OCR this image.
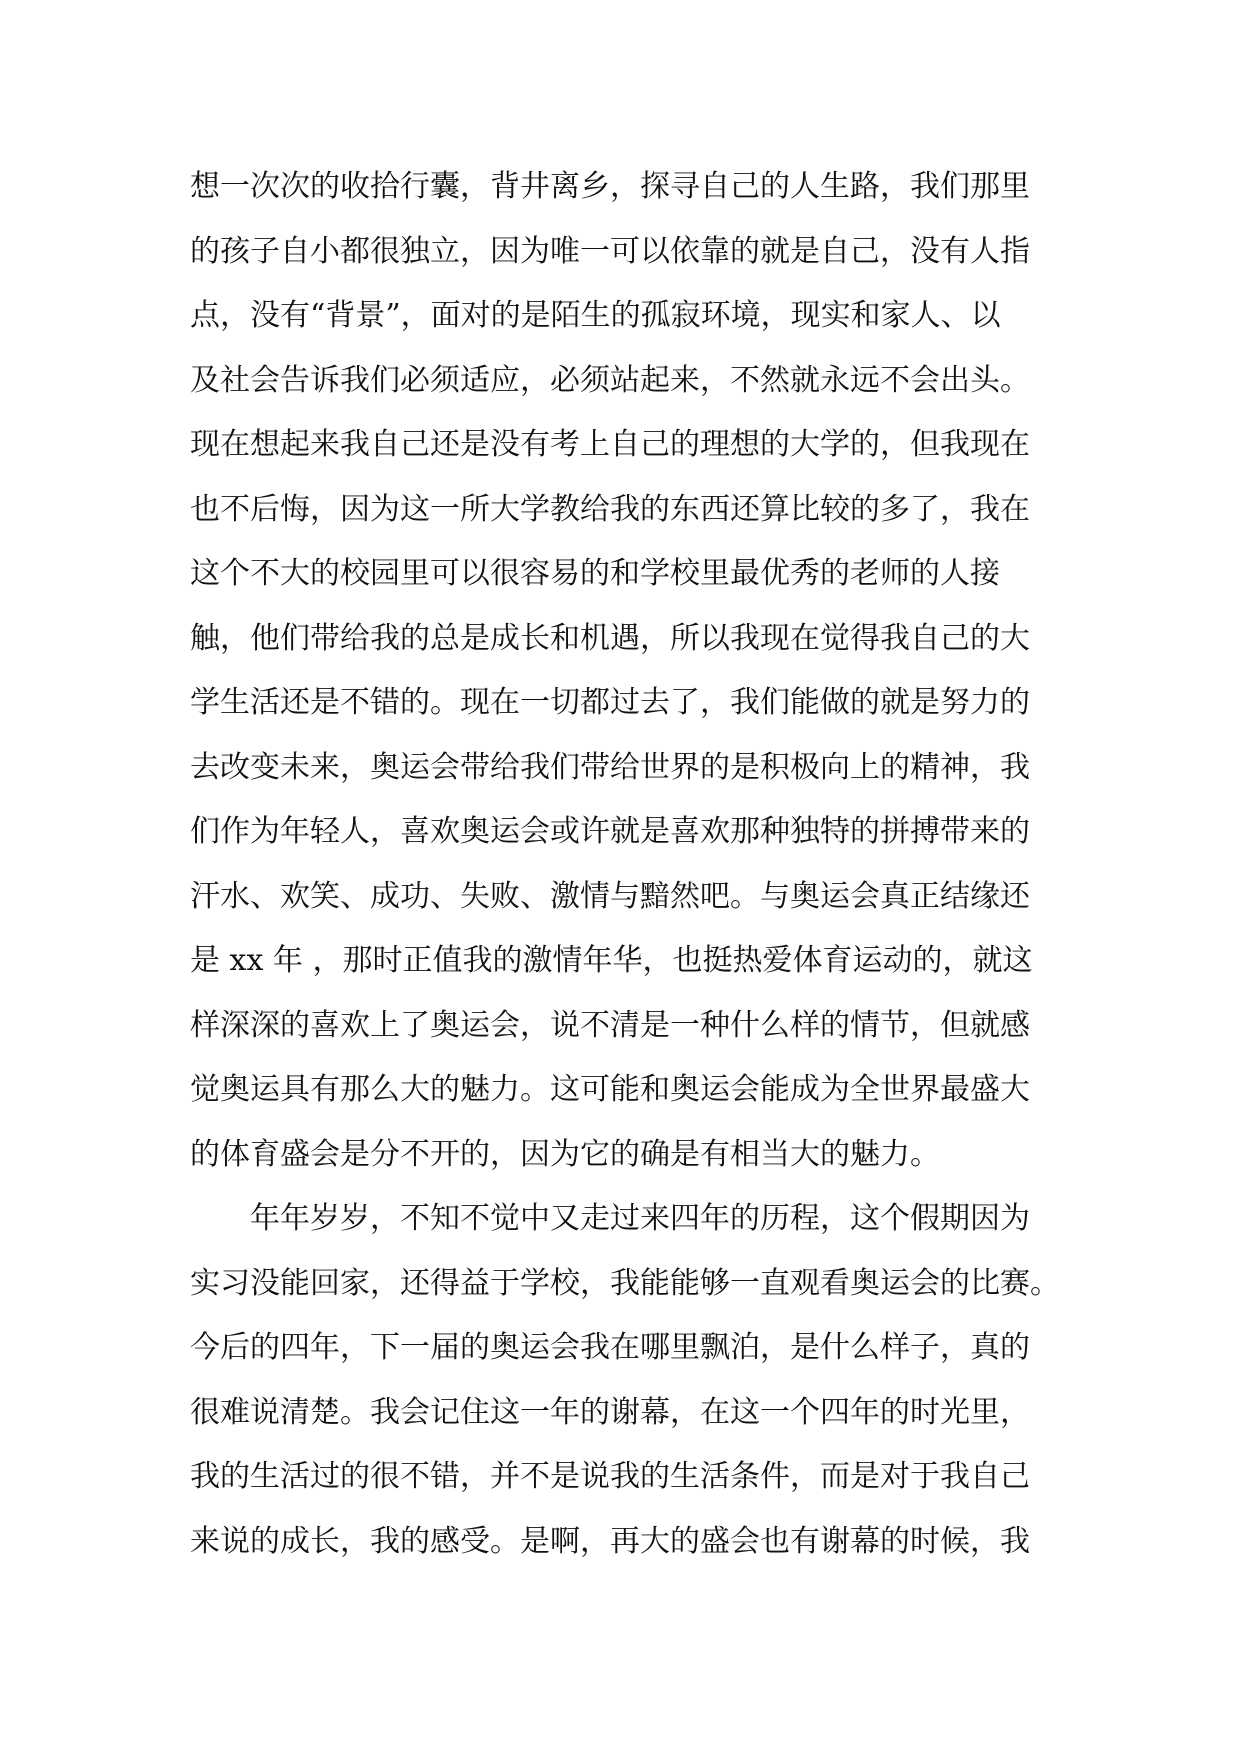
想一次次的收拾行囊，背井离乡，探寻自己的人生路，我们那里
的孩子自小都很独立，因为唯一可以依靠的就是自己，没有人指
点，没有“背景”，面对的是陌生的孤寂环境，现实和家人、以
及社会告诉我们必须适应，必须站起来，不然就永远不会出头。
现在想起来我自己还是没有考上自己的理想的大学的，但我现在
也不后悔，因为这一所大学教给我的东西还算比较的多了，我在
这个不大的校园里可以很容易的和学校里最优秀的老师的人接
触，他们带给我的总是成长和机遇，所以我现在觉得我自己的大
学生活还是不错的。现在一切都过去了，我们能做的就是努力的
去改变未来，奥运会带给我们带给世界的是积极向上的精神，我
们作为年轻人，喜欢奥运会或许就是喜欢那种独特的拼搏带来的
汗水、欢笑、成功、失败、激情与黯然吧。与奥运会真正结缘还
是 xx 年 ，那时正值我的激情年华，也挺热爱体育运动的，就这
样深深的喜欢上了奥运会，说不清是一种什么样的情节，但就感
觉奥运具有那么大的魅力。这可能和奥运会能成为全世界最盛大
的体育盛会是分不开的，因为它的确是有相当大的魅力。
年年岁岁，不知不觉中又走过来四年的历程，这个假期因为
实习没能回家，还得益于学校，我能能够一直观看奥运会的比赛。
今后的四年，下一届的奥运会我在哪里飘泊，是什么样子，真的
很难说清楚。我会记住这一年的谢幕，在这一个四年的时光里，
我的生活过的很不错，并不是说我的生活条件，而是对于我自己
来说的成长，我的感受。是啊，再大的盛会也有谢幕的时候，我
